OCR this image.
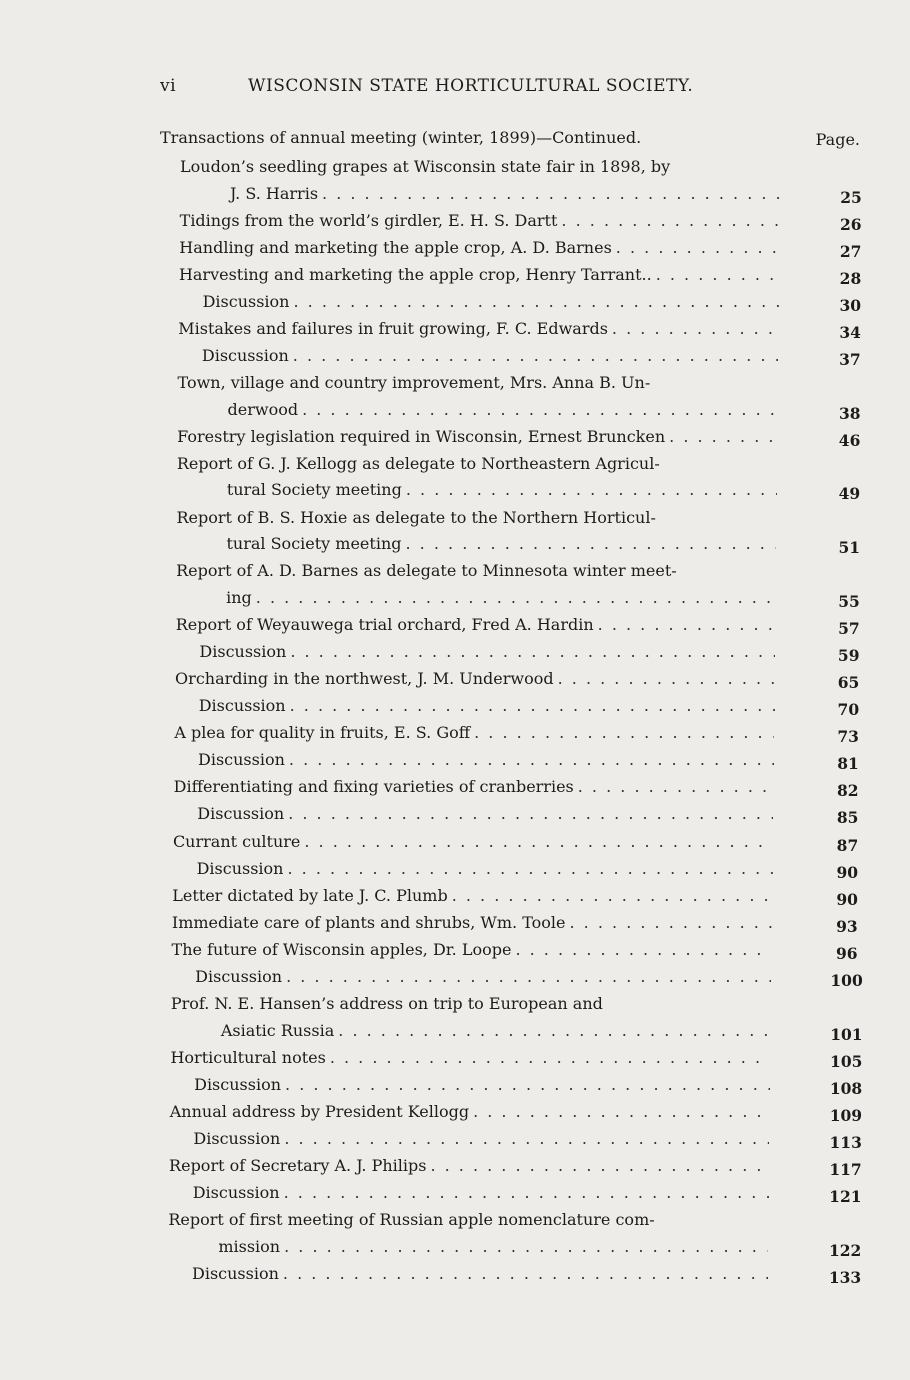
vi	WISCONSIN STATE HORTICULTURAL SOCIETY.
Transactions of annual meeting (winter, 1899)—Continued.	Page.
Loudon’s seedling grapes at Wisconsin state fair in 1898, by
J. S. Harris . . .	25
Tidings from the world’s girdler, E. H. S. Dartt . . .	26
Handling and marketing the apple crop, A. D. Barnes . . .	27
Harvesting and marketing the apple crop, Henry Tarrant.. . . .	28
Discussion . . .	30
Mistakes and failures in fruit growing, F. C. Edwards . . .	34
Discussion . . .	37
Town, village and country improvement, Mrs. Anna B. Un-
derwood . . .	38
Forestry legislation required in Wisconsin, Ernest Bruncken . . .	46
Report of G. J. Kellogg as delegate to Northeastern Agricul-
tural Society meeting . . .	49
Report of B. S. Hoxie as delegate to the Northern Horticul-
tural Society meeting . . .	51
Report of A. D. Barnes as delegate to Minnesota winter meet-
ing . . .	55
Report of Weyauwega trial orchard, Fred A. Hardin . . .	57
Discussion . . .	59
Orcharding in the northwest, J. M. Underwood . . .	65
Discussion . . .	70
A plea for quality in fruits, E. S. Goff . . .	73
Discussion . . .	81
Differentiating and fixing varieties of cranberries . . .	82
Discussion . . .	85
Currant culture . . .	87
Discussion . . .	90
Letter dictated by late J. C. Plumb . . .	90
Immediate care of plants and shrubs, Wm. Toole . . .	93
The future of Wisconsin apples, Dr. Loope . . .	96
Discussion . . .	100
Prof. N. E. Hansen’s address on trip to European and
Asiatic Russia . . .	101
Horticultural notes . . .	105
Discussion . . .	108
Annual address by President Kellogg . . .	109
Discussion . . .	113
Report of Secretary A. J. Philips . . .	117
Discussion . . .	121
Report of first meeting of Russian apple nomenclature com-
mission . . .	122
Discussion . . .	133
